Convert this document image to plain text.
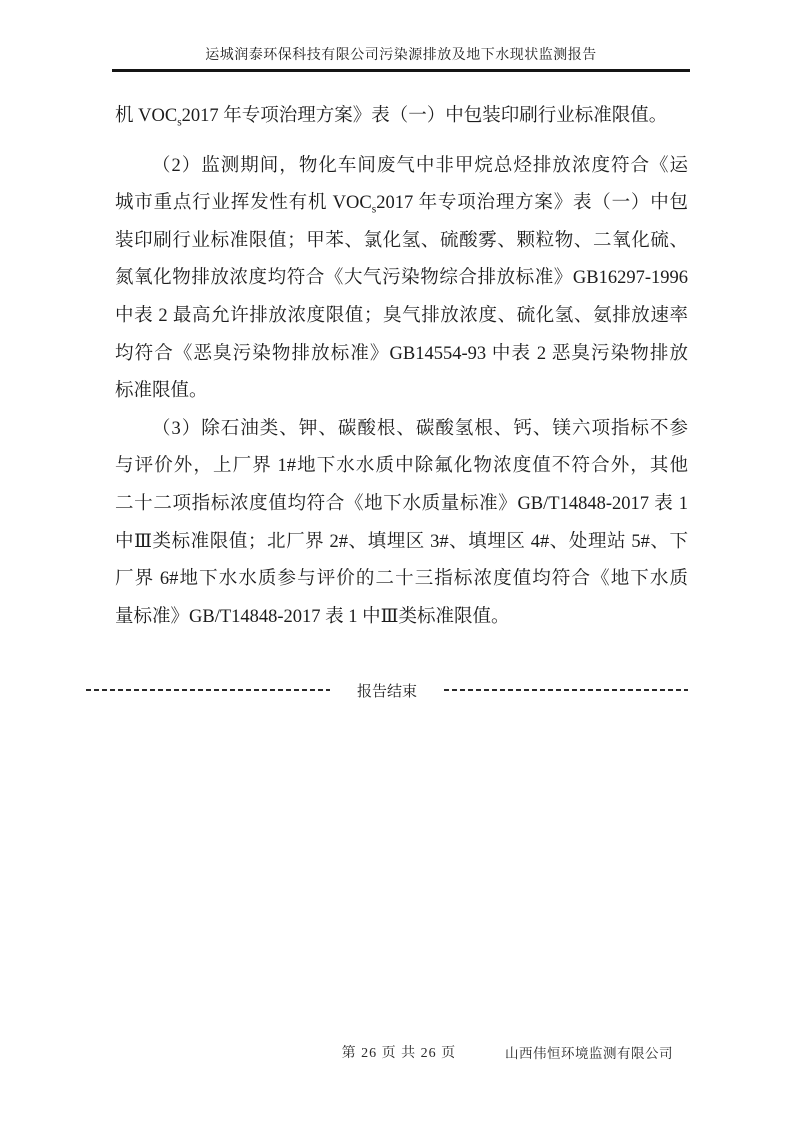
运城润泰环保科技有限公司污染源排放及地下水现状监测报告

机 $VOC_s2017$ 年专项治理方案》表（一）中包装印刷行业标准限值。

（2）监测期间，物化车间废气中非甲烷总烃排放浓度符合《运
城市重点行业挥发性有机 $VOC_s2017$ 年专项治理方案》表（一）中包
装印刷行业标准限值；甲苯、氯化氢、硫酸雾、颗粒物、二氧化硫、
氮氧化物排放浓度均符合《大气污染物综合排放标准》GB16297-1996
中表 2 最高允许排放浓度限值；臭气排放浓度、硫化氢、氨排放速率
均符合《恶臭污染物排放标准》GB14554-93 中表 2 恶臭污染物排放
标准限值。

（3）除石油类、钾、碳酸根、碳酸氢根、钙、镁六项指标不参
与评价外，上厂界 1#地下水水质中除氟化物浓度值不符合外，其他
二十二项指标浓度值均符合《地下水质量标准》GB/T14848-2017 表 1
中Ⅲ类标准限值；北厂界 2#、填埋区 3#、填埋区 4#、处理站 5#、下
厂界 6#地下水水质参与评价的二十三指标浓度值均符合《地下水质
量标准》GB/T14848-2017 表 1 中Ⅲ类标准限值。

报告结束
第 26 页 共 26 页	山西伟恒环境监测有限公司
